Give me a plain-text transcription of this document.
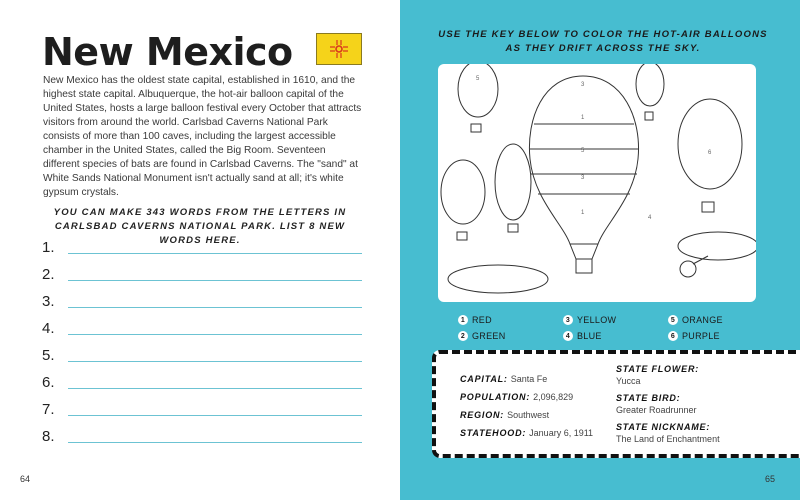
New Mexico

New Mexico has the oldest state capital, established in 1610, and the highest state capital. Albuquerque, the hot-air balloon capital of the United States, hosts a large balloon festival every October that attracts visitors from around the world. Carlsbad Caverns National Park consists of more than 100 caves, including the largest accessible chamber in the United States, called the Big Room. Seventeen different species of bats are found in Carlsbad Caverns. The "sand" at White Sands National Monument isn't actually sand at all; it's white gypsum crystals.

YOU CAN MAKE 343 WORDS FROM THE LETTERS IN CARLSBAD CAVERNS NATIONAL PARK. LIST 8 NEW WORDS HERE.
1.
2.
3.
4.
5.
6.
7.
8.
64
USE THE KEY BELOW TO COLOR THE HOT-AIR BALLOONS AS THEY DRIFT ACROSS THE SKY.
3
1
5
3
1
4
6
5
1 RED
2 GREEN
3 YELLOW
4 BLUE
5 ORANGE
6 PURPLE
CAPITAL: Santa Fe
POPULATION: 2,096,829
REGION: Southwest
STATEHOOD: January 6, 1911
STATE FLOWER:
Yucca
STATE BIRD:
Greater Roadrunner
STATE NICKNAME:
The Land of Enchantment
65
